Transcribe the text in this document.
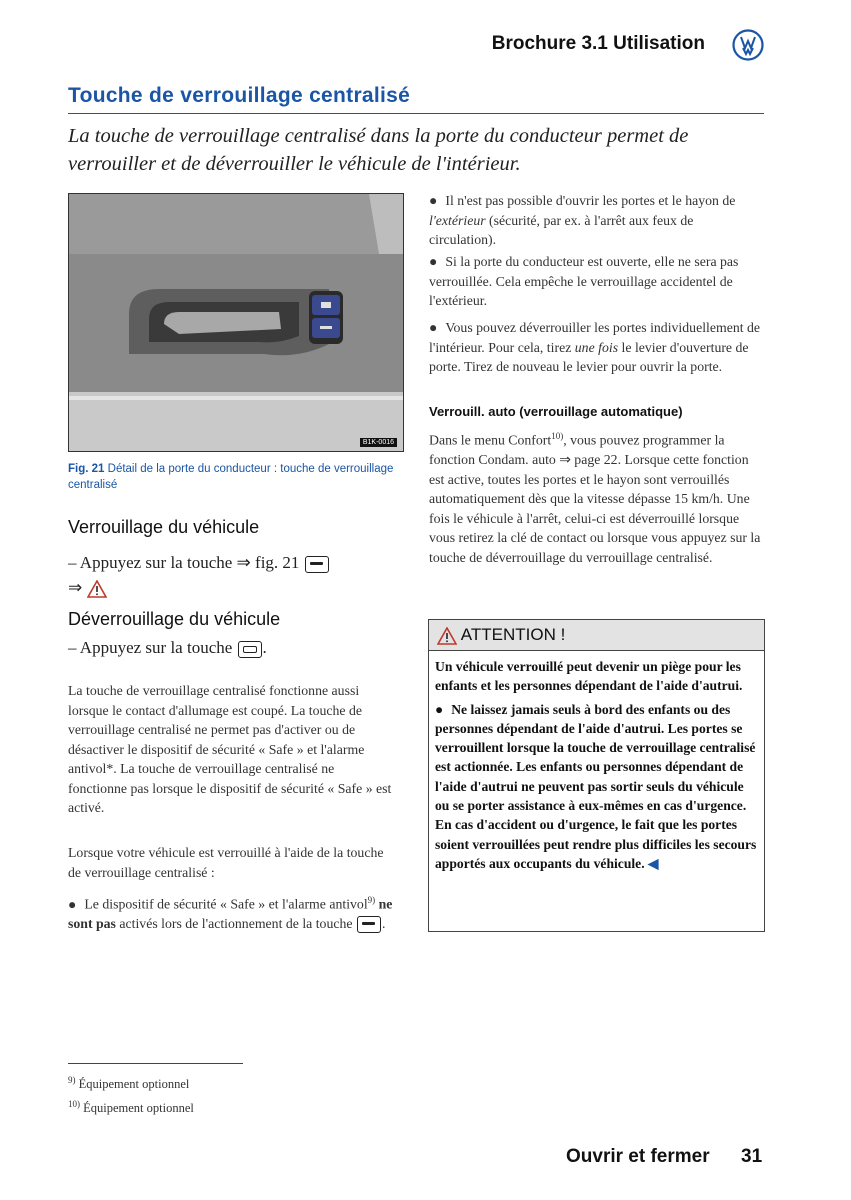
Brochure 3.1 Utilisation
Touche de verrouillage centralisé
La touche de verrouillage centralisé dans la porte du conducteur permet de verrouiller et de déverrouiller le véhicule de l'intérieur.
B1K-0016
Fig. 21 Détail de la porte du conducteur : touche de verrouillage centralisé
Verrouillage du véhicule
– Appuyez sur la touche ⇒ fig. 21
⇒
Déverrouillage du véhicule
– Appuyez sur la touche .
La touche de verrouillage centralisé fonctionne aussi lorsque le contact d'allumage est coupé. La touche de verrouillage centralisé ne permet pas d'activer ou de désactiver le dispositif de sécurité « Safe » et l'alarme antivol*. La touche de verrouillage centralisé ne fonctionne pas lorsque le dispositif de sécurité « Safe » est activé.
Lorsque votre véhicule est verrouillé à l'aide de la touche de verrouillage centralisé :
● Le dispositif de sécurité « Safe » et l'alarme antivol$^{9)}$ ne sont pas activés lors de l'actionnement de la touche .
● Il n'est pas possible d'ouvrir les portes et le hayon de l'extérieur (sécurité, par ex. à l'arrêt aux feux de circulation).
● Si la porte du conducteur est ouverte, elle ne sera pas verrouillée. Cela empêche le verrouillage accidentel de l'extérieur.
● Vous pouvez déverrouiller les portes individuellement de l'intérieur. Pour cela, tirez une fois le levier d'ouverture de porte. Tirez de nouveau le levier pour ouvrir la porte.
Verrouill. auto (verrouillage automatique)
Dans le menu Confort$^{10)}$, vous pouvez programmer la fonction Condam. auto ⇒ page 22. Lorsque cette fonction est active, toutes les portes et le hayon sont verrouillés automatiquement dès que la vitesse dépasse 15 km/h. Une fois le véhicule à l'arrêt, celui-ci est déverrouillé lorsque vous retirez la clé de contact ou lorsque vous appuyez sur la touche de déverrouillage du verrouillage centralisé.
ATTENTION !

Un véhicule verrouillé peut devenir un piège pour les enfants et les personnes dépendant de l'aide d'autrui.

● Ne laissez jamais seuls à bord des enfants ou des personnes dépendant de l'aide d'autrui. Les portes se verrouillent lorsque la touche de verrouillage centralisé est actionnée. Les enfants ou personnes dépendant de l'aide d'autrui ne peuvent pas sortir seuls du véhicule ou se porter assistance à eux-mêmes en cas d'urgence. En cas d'accident ou d'urgence, le fait que les portes soient verrouillées peut rendre plus difficiles les secours apportés aux occupants du véhicule. ◀

$^{9)}$ Équipement optionnel
$^{10)}$ Équipement optionnel
Ouvrir et fermer 31
